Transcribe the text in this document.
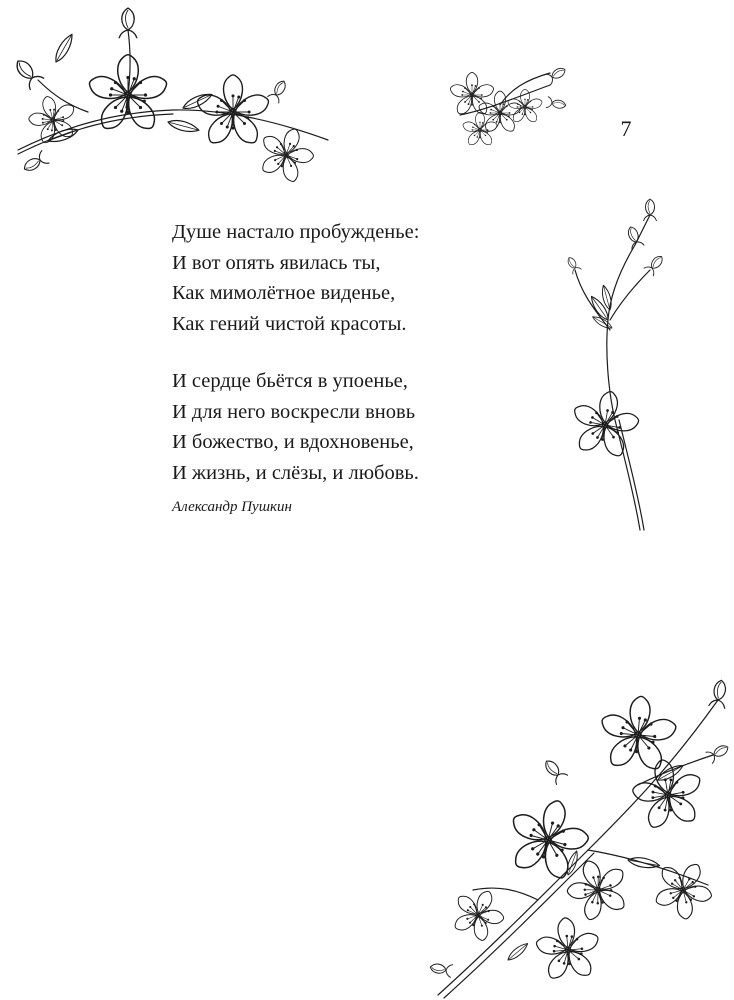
7
Душе настало пробужденье:
И вот опять явилась ты,
Как мимолётное виденье,
Как гений чистой красоты.
И сердце бьётся в упоенье,
И для него воскресли вновь
И божество, и вдохновенье,
И жизнь, и слёзы, и любовь.
Александр Пушкин
